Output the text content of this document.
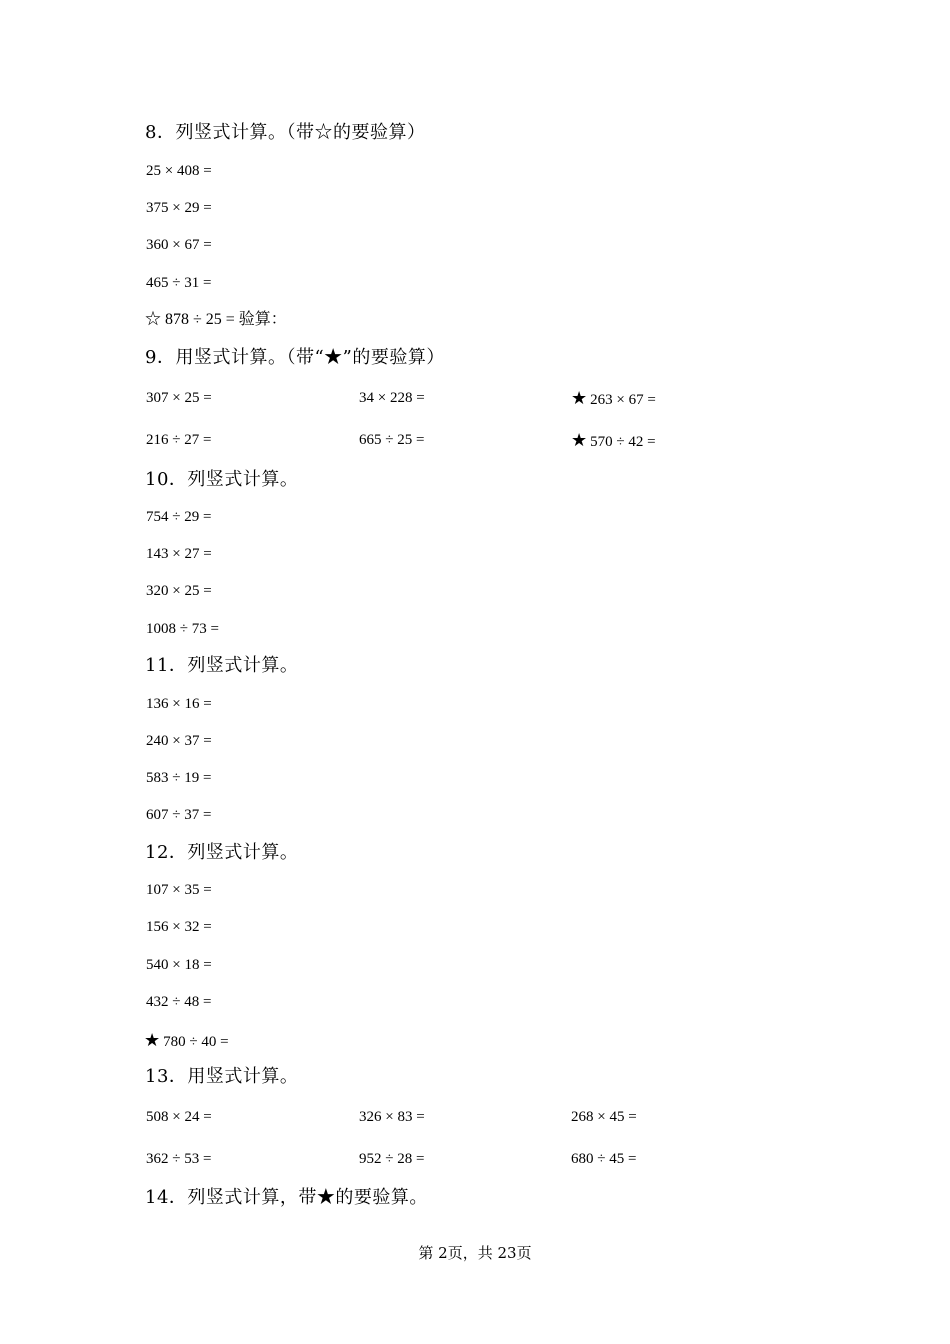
8．列竖式计算。（带☆的要验算）
25 × 408 =
375 × 29 =
360 × 67 =
465 ÷ 31 =
☆ 878 ÷ 25 = 验算：
9．用竖式计算。（带“★”的要验算）
307 × 25 =	34 × 228 =	★ 263 × 67 =
216 ÷ 27 =	665 ÷ 25 =	★ 570 ÷ 42 =
10．列竖式计算。
754 ÷ 29 =
143 × 27 =
320 × 25 =
1008 ÷ 73 =
11．列竖式计算。
136 × 16 =
240 × 37 =
583 ÷ 19 =
607 ÷ 37 =
12．列竖式计算。
107 × 35 =
156 × 32 =
540 × 18 =
432 ÷ 48 =
★ 780 ÷ 40 =
13．用竖式计算。
508 × 24 =	326 × 83 =	268 × 45 =
362 ÷ 53 =	952 ÷ 28 =	680 ÷ 45 =
14．列竖式计算，带★的要验算。
第 2页，共 23页
